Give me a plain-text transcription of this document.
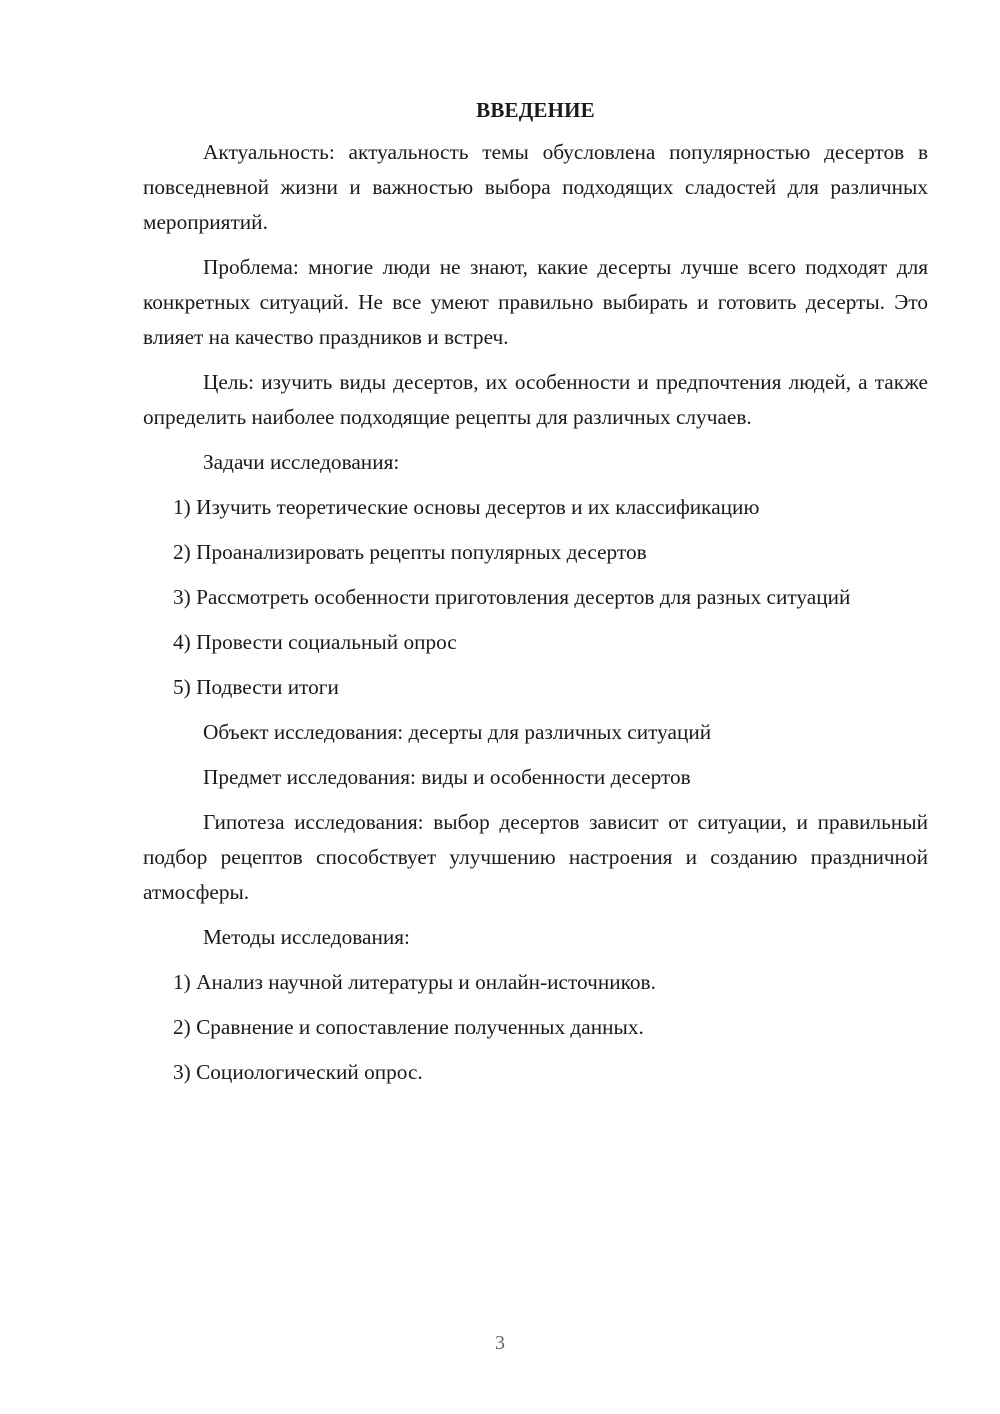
ВВЕДЕНИЕ

Актуальность: актуальность темы обусловлена популярностью десертов в повседневной жизни и важностью выбора подходящих сладостей для различных мероприятий.

Проблема: многие люди не знают, какие десерты лучше всего подходят для конкретных ситуаций. Не все умеют правильно выбирать и готовить десерты. Это влияет на качество праздников и встреч.

Цель: изучить виды десертов, их особенности и предпочтения людей, а также определить наиболее подходящие рецепты для различных случаев.

Задачи исследования:

1) Изучить теоретические основы десертов и их классификацию

2) Проанализировать рецепты популярных десертов

3) Рассмотреть особенности приготовления десертов для разных ситуаций

4) Провести социальный опрос

5) Подвести итоги

Объект исследования: десерты для различных ситуаций

Предмет исследования: виды и особенности десертов

Гипотеза исследования: выбор десертов зависит от ситуации, и правильный подбор рецептов способствует улучшению настроения и созданию праздничной атмосферы.

Методы исследования:

1) Анализ научной литературы и онлайн-источников.

2) Сравнение и сопоставление полученных данных.

3) Социологический опрос.

3
